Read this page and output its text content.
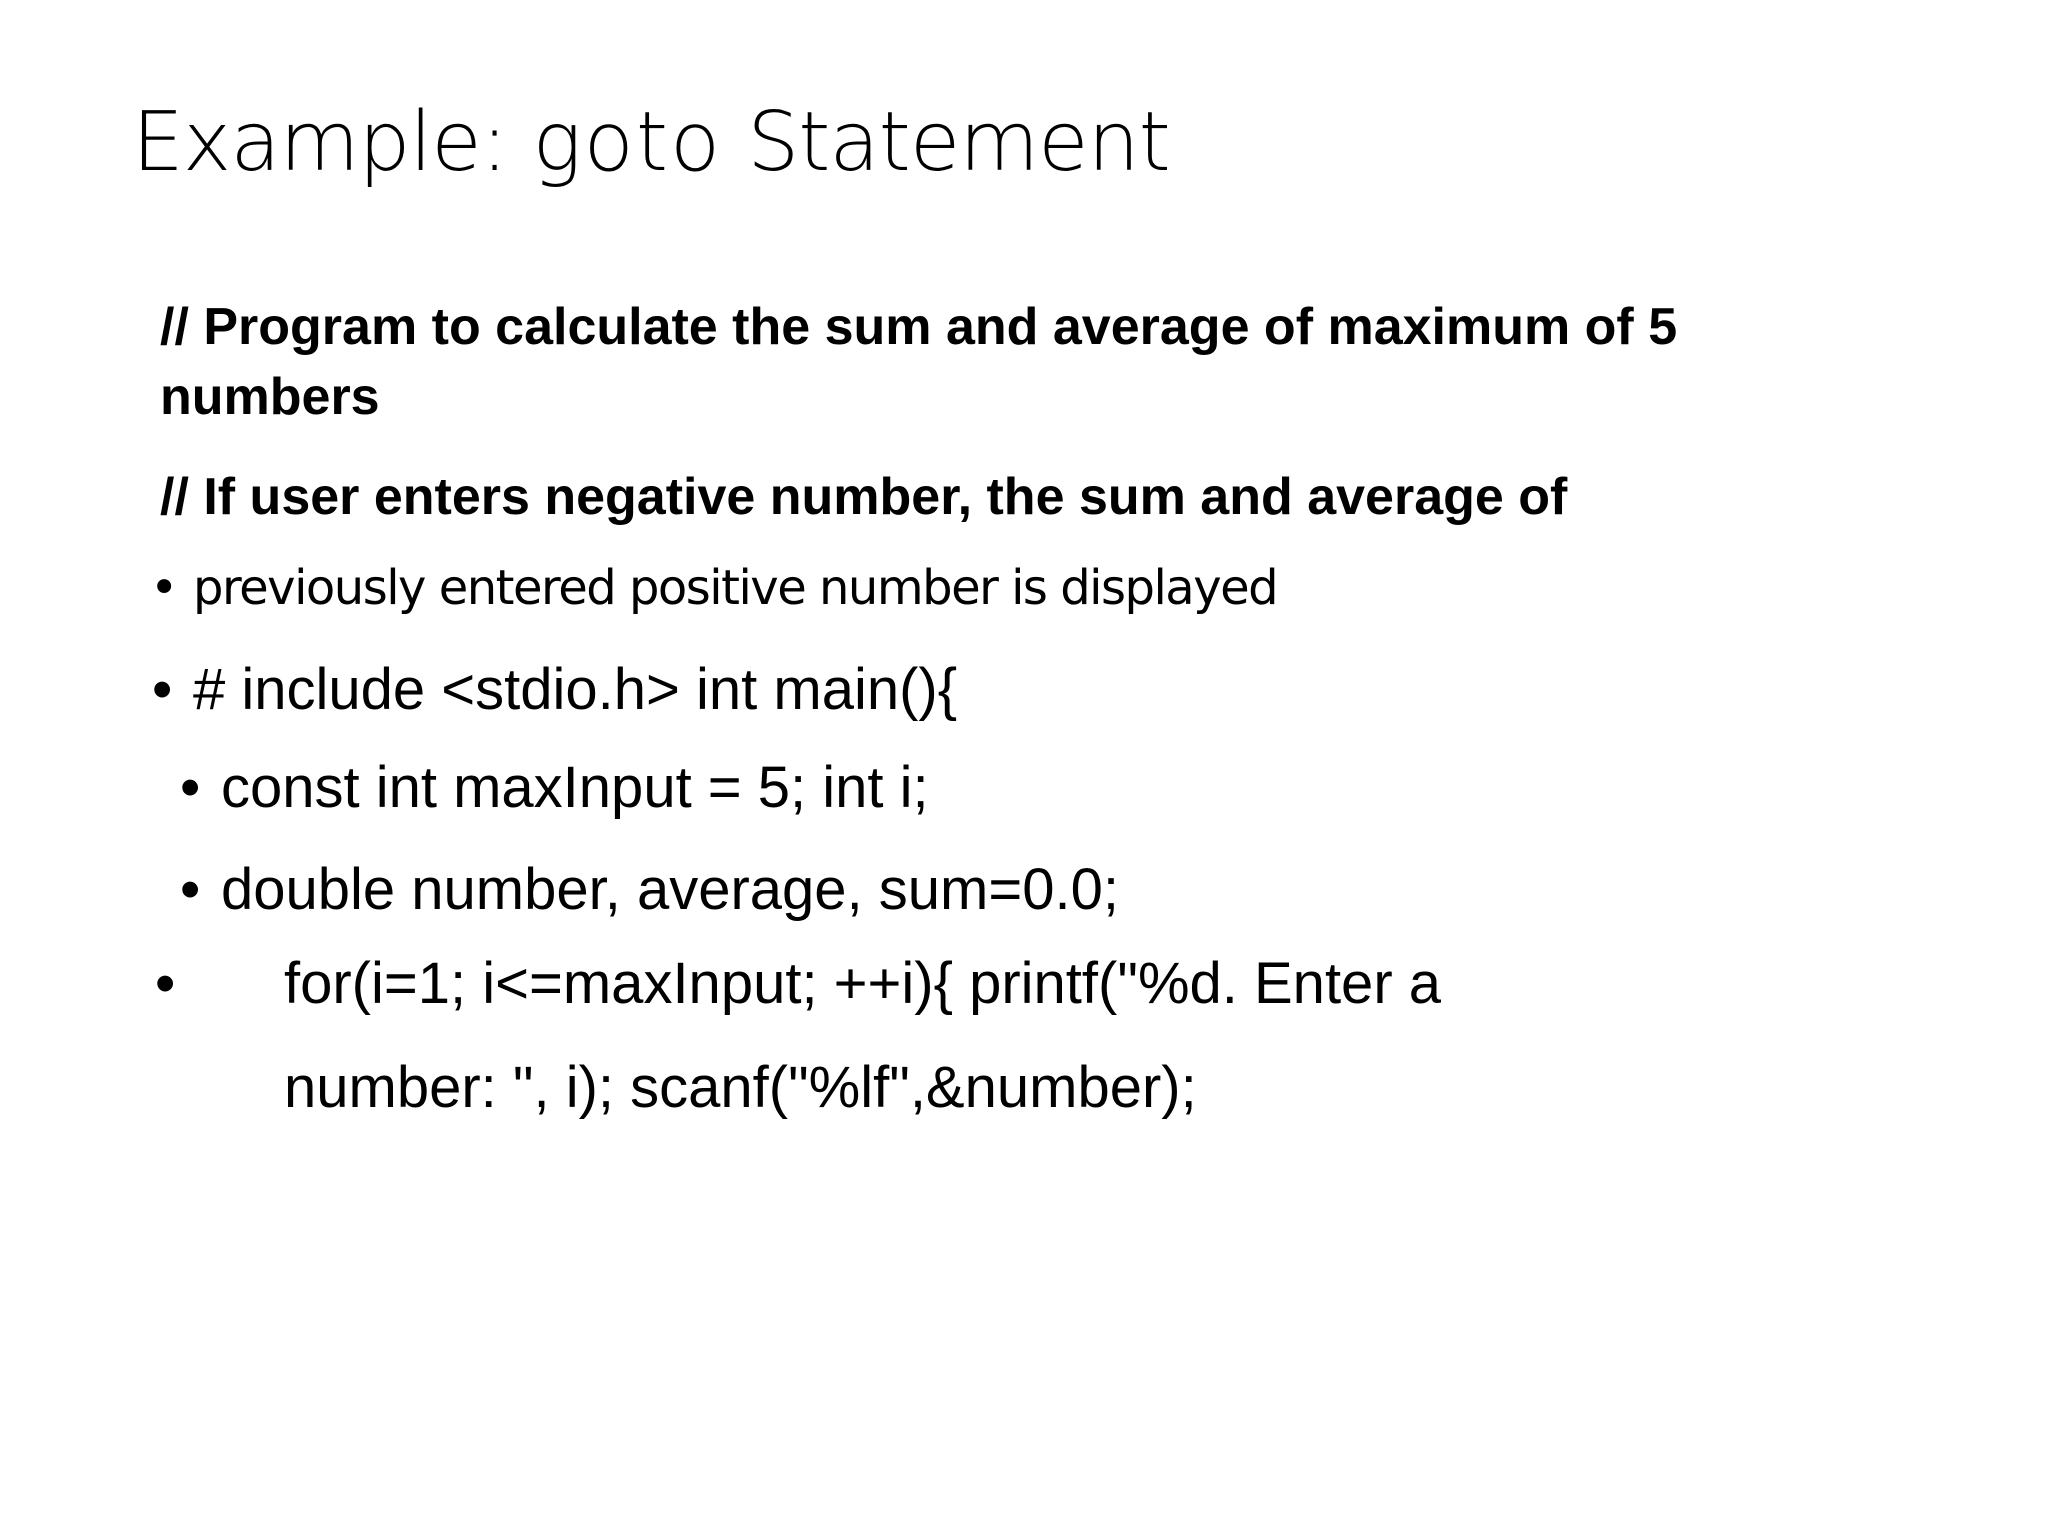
Example: goto Statement
// Program to calculate the sum and average of maximum of 5
numbers
// If user enters negative number, the sum and average of
• previously entered positive number is displayed
• # include <stdio.h> int main(){
• const int maxInput = 5; int i;
• double number, average, sum=0.0;
• for(i=1; i<=maxInput; ++i){ printf("%d. Enter a
number: ", i); scanf("%lf",&number);
